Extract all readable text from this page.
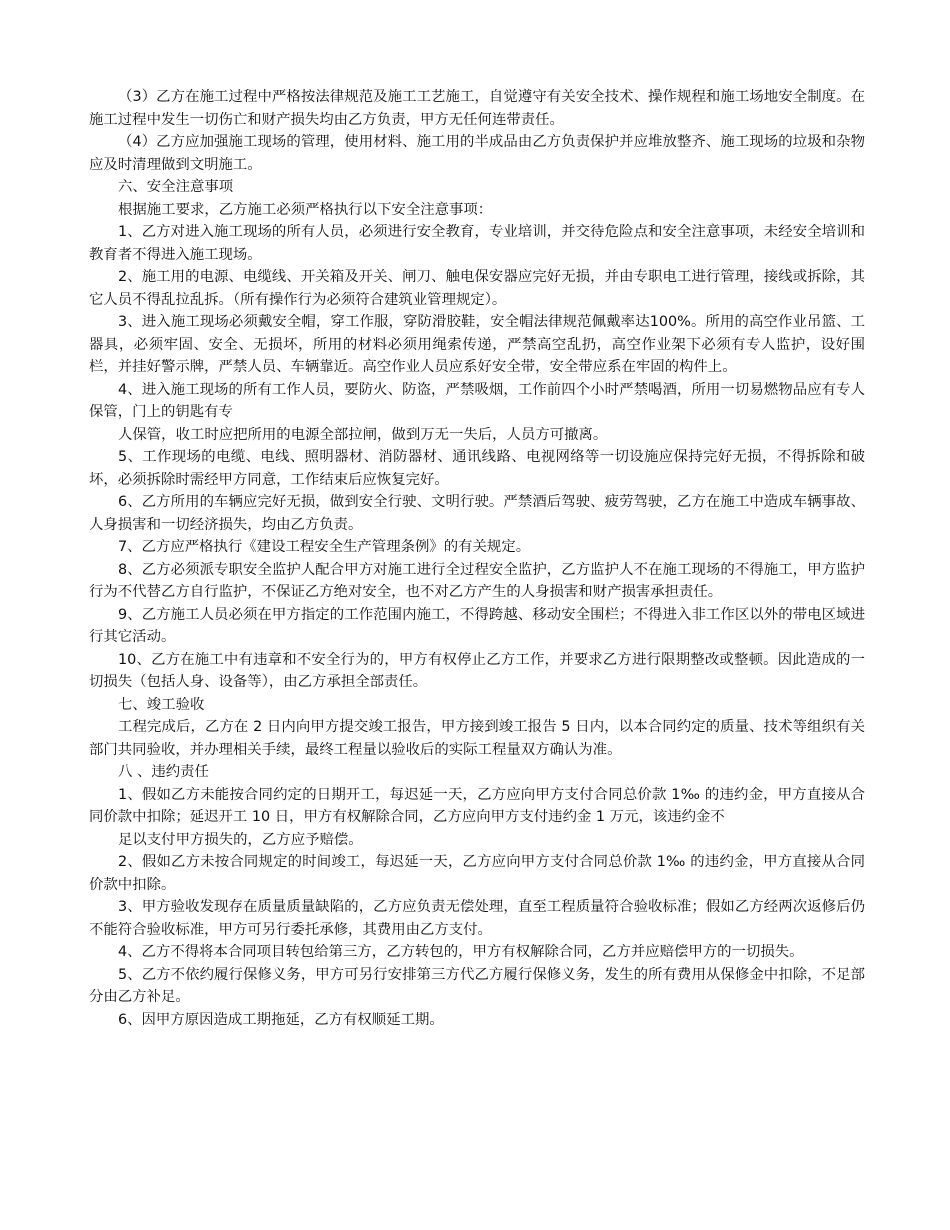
（3）乙方在施工过程中严格按法律规范及施工工艺施工，自觉遵守有关安全技术、操作规程和施工场地安全制度。在施工过程中发生一切伤亡和财产损失均由乙方负责，甲方无任何连带责任。

（4）乙方应加强施工现场的管理，使用材料、施工用的半成品由乙方负责保护并应堆放整齐、施工现场的垃圾和杂物应及时清理做到文明施工。

六、安全注意事项

根据施工要求，乙方施工必须严格执行以下安全注意事项：

1、乙方对进入施工现场的所有人员，必须进行安全教育，专业培训，并交待危险点和安全注意事项，未经安全培训和教育者不得进入施工现场。

2、施工用的电源、电缆线、开关箱及开关、闸刀、触电保安器应完好无损，并由专职电工进行管理，接线或拆除，其它人员不得乱拉乱拆。（所有操作行为必须符合建筑业管理规定）。

3、进入施工现场必须戴安全帽，穿工作服，穿防滑胶鞋，安全帽法律规范佩戴率达100%。所用的高空作业吊篮、工器具，必须牢固、安全、无损坏，所用的材料必须用绳索传递，严禁高空乱扔，高空作业架下必须有专人监护，设好围栏，并挂好警示牌，严禁人员、车辆靠近。高空作业人员应系好安全带，安全带应系在牢固的构件上。

4、进入施工现场的所有工作人员，要防火、防盗，严禁吸烟，工作前四个小时严禁喝酒，所用一切易燃物品应有专人保管，门上的钥匙有专

人保管，收工时应把所用的电源全部拉闸，做到万无一失后，人员方可撤离。

5、工作现场的电缆、电线、照明器材、消防器材、通讯线路、电视网络等一切设施应保持完好无损，不得拆除和破坏，必须拆除时需经甲方同意，工作结束后应恢复完好。

6、乙方所用的车辆应完好无损，做到安全行驶、文明行驶。严禁酒后驾驶、疲劳驾驶，乙方在施工中造成车辆事故、人身损害和一切经济损失，均由乙方负责。

7、乙方应严格执行《建设工程安全生产管理条例》的有关规定。

8、乙方必须派专职安全监护人配合甲方对施工进行全过程安全监护，乙方监护人不在施工现场的不得施工，甲方监护行为不代替乙方自行监护，不保证乙方绝对安全，也不对乙方产生的人身损害和财产损害承担责任。

9、乙方施工人员必须在甲方指定的工作范围内施工，不得跨越、移动安全围栏；不得进入非工作区以外的带电区域进行其它活动。

10、乙方在施工中有违章和不安全行为的，甲方有权停止乙方工作，并要求乙方进行限期整改或整顿。因此造成的一切损失（包括人身、设备等），由乙方承担全部责任。

七、竣工验收

工程完成后，乙方在 2 日内向甲方提交竣工报告，甲方接到竣工报告 5 日内，以本合同约定的质量、技术等组织有关部门共同验收，并办理相关手续，最终工程量以验收后的实际工程量双方确认为准。

八 、违约责任

1、假如乙方未能按合同约定的日期开工，每迟延一天，乙方应向甲方支付合同总价款 1‰ 的违约金，甲方直接从合同价款中扣除；延迟开工 10 日，甲方有权解除合同，乙方应向甲方支付违约金 1 万元，该违约金不

足以支付甲方损失的，乙方应予赔偿。

2、假如乙方未按合同规定的时间竣工，每迟延一天，乙方应向甲方支付合同总价款 1‰ 的违约金，甲方直接从合同价款中扣除。

3、甲方验收发现存在质量质量缺陷的，乙方应负责无偿处理，直至工程质量符合验收标准；假如乙方经两次返修后仍不能符合验收标准，甲方可另行委托承修，其费用由乙方支付。

4、乙方不得将本合同项目转包给第三方，乙方转包的，甲方有权解除合同，乙方并应赔偿甲方的一切损失。

5、乙方不依约履行保修义务，甲方可另行安排第三方代乙方履行保修义务，发生的所有费用从保修金中扣除，不足部分由乙方补足。

6、因甲方原因造成工期拖延，乙方有权顺延工期。
